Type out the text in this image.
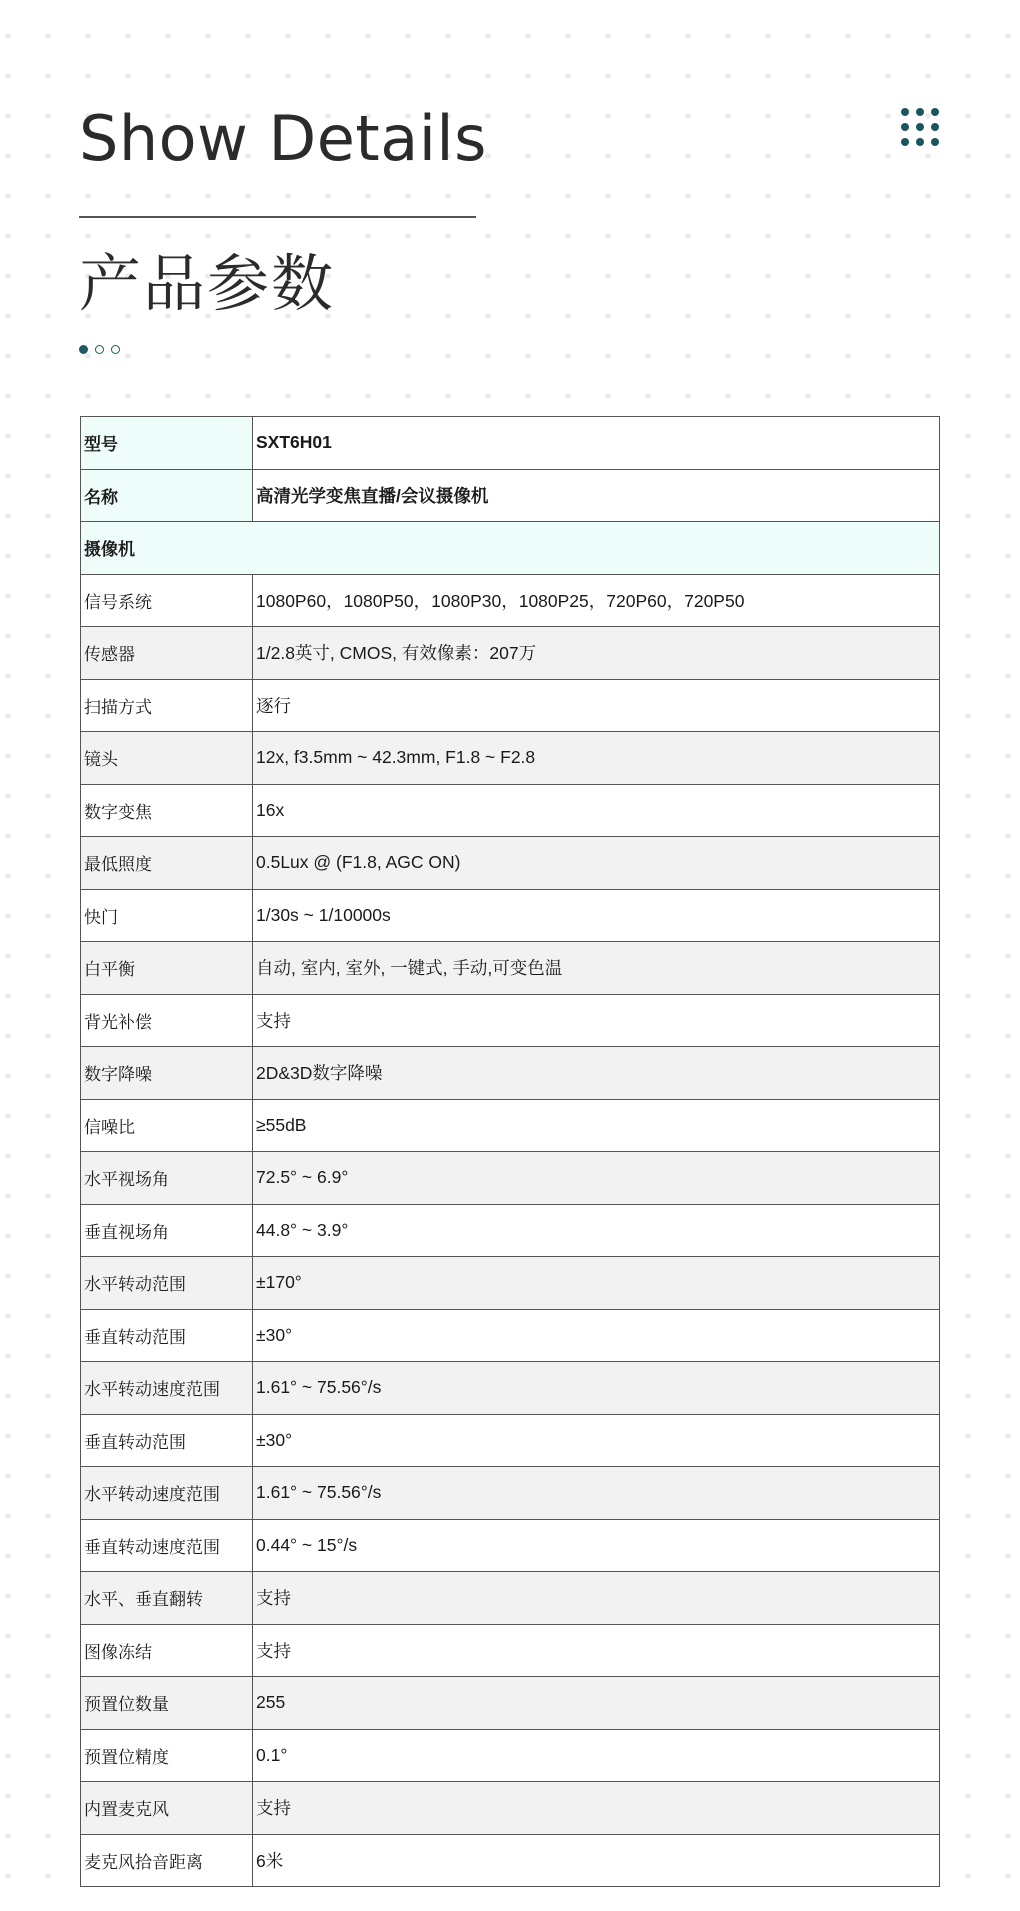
Show Details
产品参数
型号	SXT6H01
名称	高清光学变焦直播/会议摄像机
摄像机	
信号系统	1080P60，1080P50，1080P30，1080P25，720P60，720P50
传感器	1/2.8英寸, CMOS, 有效像素：207万
扫描方式	逐行
镜头	12x, f3.5mm ~ 42.3mm, F1.8 ~ F2.8
数字变焦	16x
最低照度	0.5Lux @ (F1.8, AGC ON)
快门	1/30s ~ 1/10000s
白平衡	自动, 室内, 室外, 一键式, 手动,可变色温
背光补偿	支持
数字降噪	2D&3D数字降噪
信噪比	≥55dB
水平视场角	72.5° ~ 6.9°
垂直视场角	44.8° ~ 3.9°
水平转动范围	±170°
垂直转动范围	±30°
水平转动速度范围	1.61° ~ 75.56°/s
垂直转动范围	±30°
水平转动速度范围	1.61° ~ 75.56°/s
垂直转动速度范围	0.44° ~ 15°/s
水平、垂直翻转	支持
图像冻结	支持
预置位数量	255
预置位精度	0.1°
内置麦克风	支持
麦克风拾音距离	6米
